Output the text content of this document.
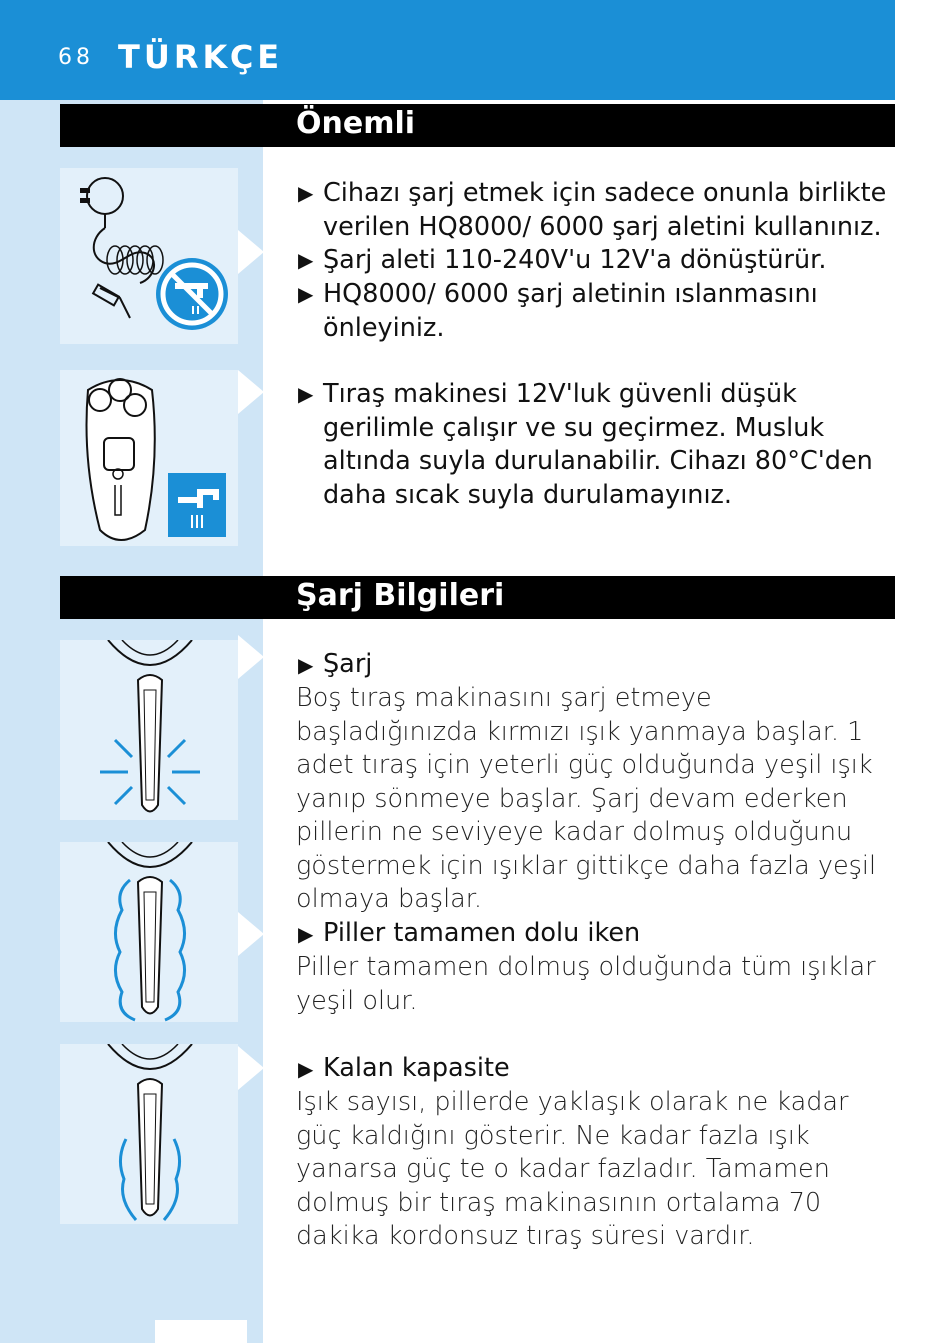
68 TÜRKÇE
Önemli
▶ Cihazı şarj etmek için sadece onunla birlikte verilen HQ8000/ 6000 şarj aletini kullanınız.
▶ Şarj aleti 110-240V'u 12V'a dönüştürür.
▶ HQ8000/ 6000 şarj aletinin ıslanmasını önleyiniz.
▶ Tıraş makinesi 12V'luk güvenli düşük gerilimle çalışır ve su geçirmez. Musluk altında suyla durulanabilir. Cihazı 80°C'den daha sıcak suyla durulamayınız.
Şarj Bilgileri
▶ Şarj
Boş tıraş makinasını şarj etmeye başladığınızda kırmızı ışık yanmaya başlar. 1 adet tıraş için yeterli güç olduğunda yeşil ışık yanıp sönmeye başlar. Şarj devam ederken pillerin ne seviyeye kadar dolmuş olduğunu göstermek için ışıklar gittikçe daha fazla yeşil olmaya başlar.
▶ Piller tamamen dolu iken
Piller tamamen dolmuş olduğunda tüm ışıklar yeşil olur.
▶ Kalan kapasite
Işık sayısı, pillerde yaklaşık olarak ne kadar güç kaldığını gösterir. Ne kadar fazla ışık yanarsa güç te o kadar fazladır. Tamamen dolmuş bir tıraş makinasının ortalama 70 dakika kordonsuz tıraş süresi vardır.
